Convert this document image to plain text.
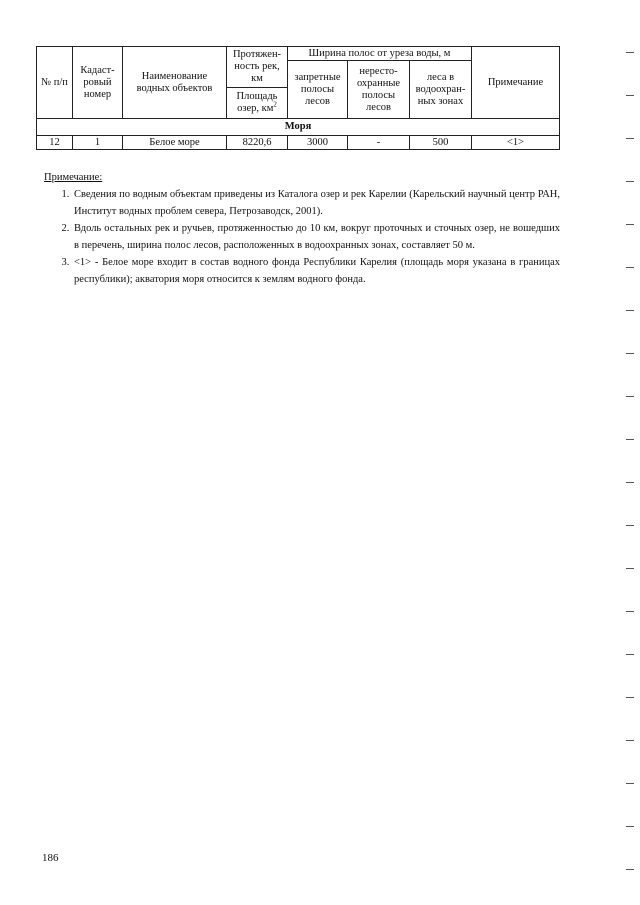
№ п/п	Кадаст-ровый номер	Наименование водных объектов	Протяжен-ность рек, км	Ширина полос от уреза воды, м			Примечание
				запретные полосы лесов	нересто-охранные полосы лесов	леса в водоохран-ных зонах	
			Площадь озер, $км^2$
Моря							
12	1	Белое море	8220,6	3000	-	500	<1>
Примечание:
1. Сведения по водным объектам приведены из Каталога озер и рек Карелии (Карельский научный центр РАН, Институт водных проблем севера, Петрозаводск, 2001).
2. Вдоль остальных рек и ручьев, протяженностью до 10 км, вокруг проточных и сточных озер, не вошедших в перечень, ширина полос лесов, расположенных в водоохранных зонах, составляет 50 м.
3. <1> - Белое море входит в состав водного фонда Республики Карелия (площадь моря указана в границах республики); акватория моря относится к землям водного фонда.
186
